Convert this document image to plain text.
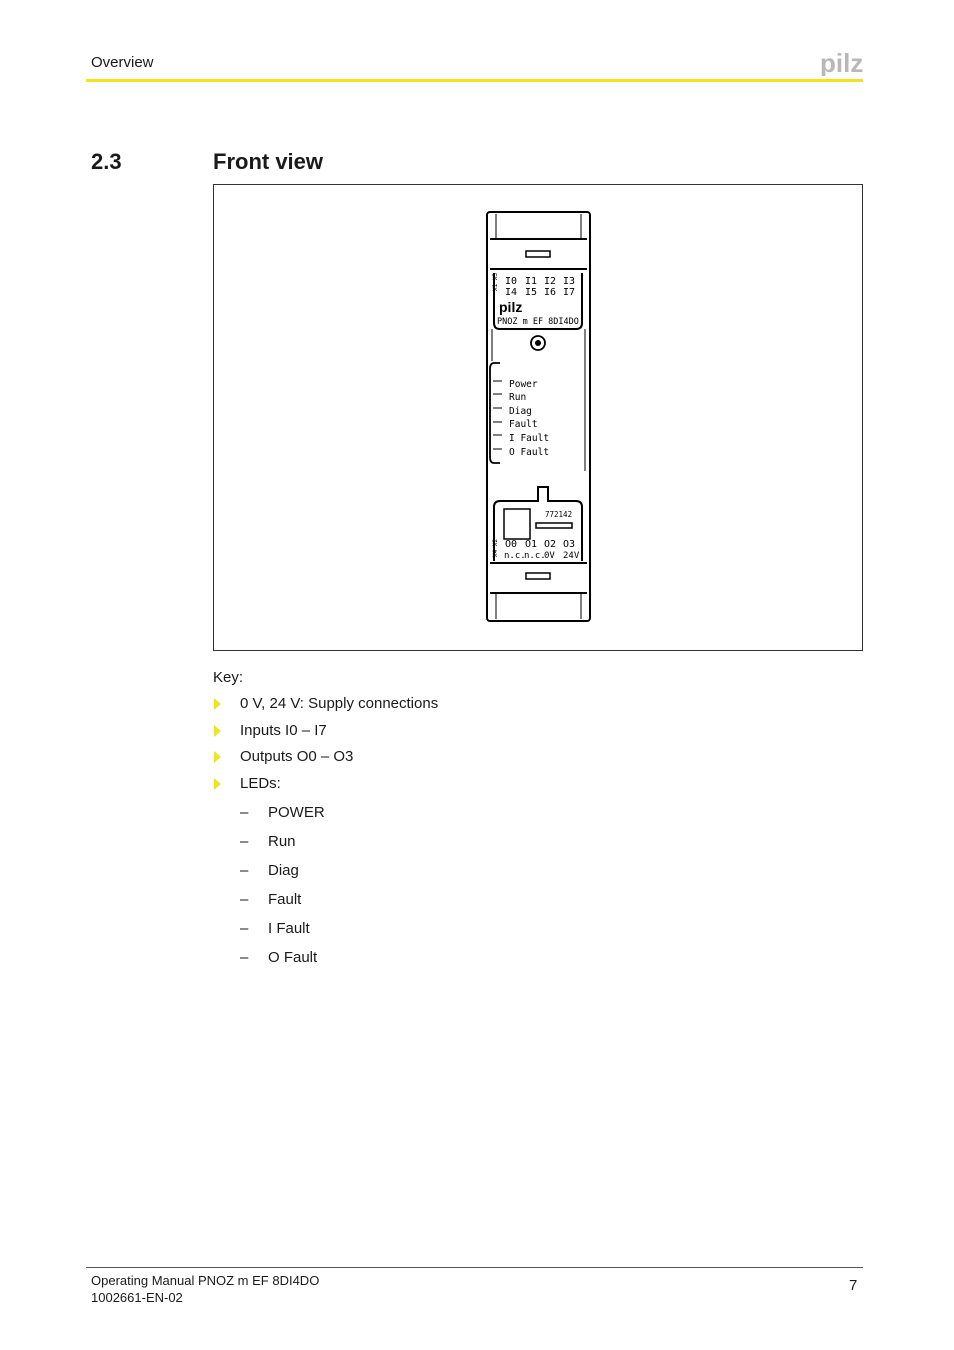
Overview	pilz
2.3	Front view
X1 X3 I0 I1 I2 I3
I4 I5 I6 I7
pilz
PNOZ m EF 8DI4DO
Power
Run
Diag
Fault
I Fault
O Fault
772142
X4 X2 O0 O1 O2 O3
n.c.
n.c.
0V 24V
Key:
0 V, 24 V: Supply connections
Inputs I0 – I7
Outputs O0 – O3
LEDs:
– POWER
– Run
– Diag
– Fault
– I Fault
– O Fault
Operating Manual PNOZ m EF 8DI4DO
1002661-EN-02
7
